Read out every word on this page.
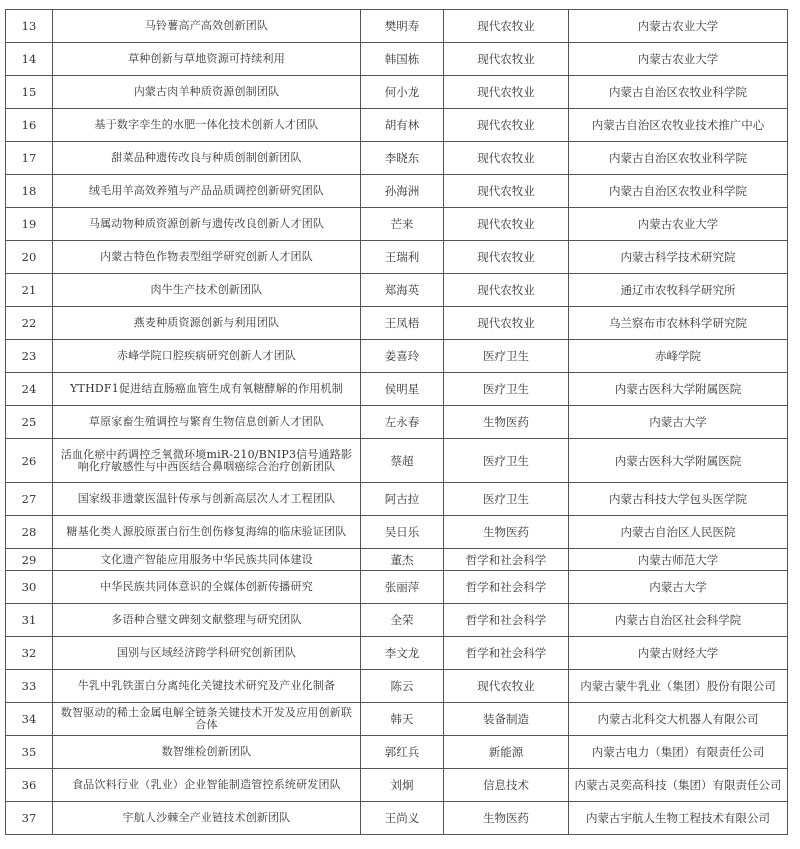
13	马铃薯高产高效创新团队	樊明寿	现代农牧业	内蒙古农业大学
14	草种创新与草地资源可持续利用	韩国栋	现代农牧业	内蒙古农业大学
15	内蒙古肉羊种质资源创制团队	何小龙	现代农牧业	内蒙古自治区农牧业科学院
16	基于数字孪生的水肥一体化技术创新人才团队	胡有林	现代农牧业	内蒙古自治区农牧业技术推广中心
17	甜菜品种遗传改良与种质创制创新团队	李晓东	现代农牧业	内蒙古自治区农牧业科学院
18	绒毛用羊高效养殖与产品品质调控创新研究团队	孙海洲	现代农牧业	内蒙古自治区农牧业科学院
19	马属动物种质资源创新与遗传改良创新人才团队	芒来	现代农牧业	内蒙古农业大学
20	内蒙古特色作物表型组学研究创新人才团队	王瑞利	现代农牧业	内蒙古科学技术研究院
21	肉牛生产技术创新团队	郑海英	现代农牧业	通辽市农牧科学研究所
22	燕麦种质资源创新与利用团队	王凤梧	现代农牧业	乌兰察布市农林科学研究院
23	赤峰学院口腔疾病研究创新人才团队	姜喜玲	医疗卫生	赤峰学院
24	YTHDF1促进结直肠癌血管生成有氧糖酵解的作用机制	侯明星	医疗卫生	内蒙古医科大学附属医院
25	草原家畜生殖调控与繁育生物信息创新人才团队	左永春	生物医药	内蒙古大学
26	活血化瘀中药调控乏氧微环境miR-210/BNIP3信号通路影响化疗敏感性与中西医结合鼻咽癌综合治疗创新团队	蔡超	医疗卫生	内蒙古医科大学附属医院
27	国家级非遗蒙医温针传承与创新高层次人才工程团队	阿古拉	医疗卫生	内蒙古科技大学包头医学院
28	糖基化类人源胶原蛋白衍生创伤修复海绵的临床验证团队	吴日乐	生物医药	内蒙古自治区人民医院
29	文化遗产智能应用服务中华民族共同体建设	董杰	哲学和社会科学	内蒙古师范大学
30	中华民族共同体意识的全媒体创新传播研究	张丽萍	哲学和社会科学	内蒙古大学
31	多语种合璧文碑刻文献整理与研究团队	全荣	哲学和社会科学	内蒙古自治区社会科学院
32	国别与区域经济跨学科研究创新团队	李文龙	哲学和社会科学	内蒙古财经大学
33	牛乳中乳铁蛋白分离纯化关键技术研究及产业化制备	陈云	现代农牧业	内蒙古蒙牛乳业（集团）股份有限公司
34	数智驱动的稀土金属电解全链条关键技术开发及应用创新联合体	韩天	装备制造	内蒙古北科交大机器人有限公司
35	数智维检创新团队	郭红兵	新能源	内蒙古电力（集团）有限责任公司
36	食品饮料行业（乳业）企业智能制造管控系统研发团队	刘炯	信息技术	内蒙古灵奕高科技（集团）有限责任公司
37	宇航人沙棘全产业链技术创新团队	王尚义	生物医药	内蒙古宇航人生物工程技术有限公司
